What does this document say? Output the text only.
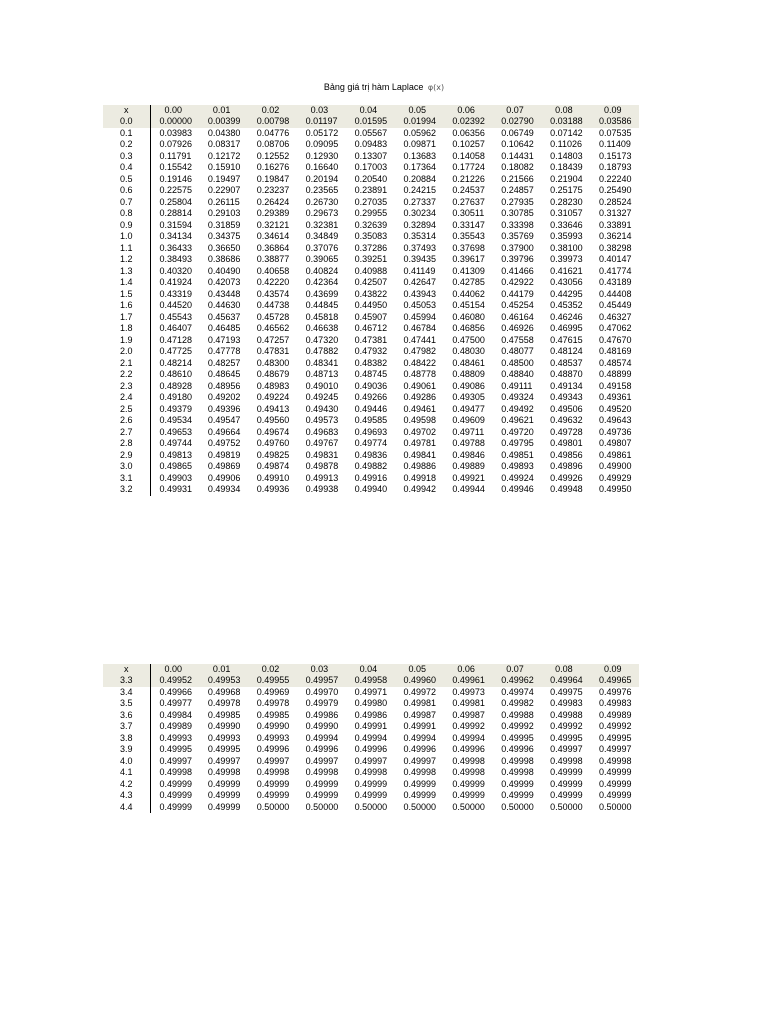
Bảng giá trị hàm Laplace φ(x)
x	0.00	0.01	0.02	0.03	0.04	0.05	0.06	0.07	0.08	0.09
0.0	0.00000	0.00399	0.00798	0.01197	0.01595	0.01994	0.02392	0.02790	0.03188	0.03586
0.1	0.03983	0.04380	0.04776	0.05172	0.05567	0.05962	0.06356	0.06749	0.07142	0.07535
0.2	0.07926	0.08317	0.08706	0.09095	0.09483	0.09871	0.10257	0.10642	0.11026	0.11409
0.3	0.11791	0.12172	0.12552	0.12930	0.13307	0.13683	0.14058	0.14431	0.14803	0.15173
0.4	0.15542	0.15910	0.16276	0.16640	0.17003	0.17364	0.17724	0.18082	0.18439	0.18793
0.5	0.19146	0.19497	0.19847	0.20194	0.20540	0.20884	0.21226	0.21566	0.21904	0.22240
0.6	0.22575	0.22907	0.23237	0.23565	0.23891	0.24215	0.24537	0.24857	0.25175	0.25490
0.7	0.25804	0.26115	0.26424	0.26730	0.27035	0.27337	0.27637	0.27935	0.28230	0.28524
0.8	0.28814	0.29103	0.29389	0.29673	0.29955	0.30234	0.30511	0.30785	0.31057	0.31327
0.9	0.31594	0.31859	0.32121	0.32381	0.32639	0.32894	0.33147	0.33398	0.33646	0.33891
1.0	0.34134	0.34375	0.34614	0.34849	0.35083	0.35314	0.35543	0.35769	0.35993	0.36214
1.1	0.36433	0.36650	0.36864	0.37076	0.37286	0.37493	0.37698	0.37900	0.38100	0.38298
1.2	0.38493	0.38686	0.38877	0.39065	0.39251	0.39435	0.39617	0.39796	0.39973	0.40147
1.3	0.40320	0.40490	0.40658	0.40824	0.40988	0.41149	0.41309	0.41466	0.41621	0.41774
1.4	0.41924	0.42073	0.42220	0.42364	0.42507	0.42647	0.42785	0.42922	0.43056	0.43189
1.5	0.43319	0.43448	0.43574	0.43699	0.43822	0.43943	0.44062	0.44179	0.44295	0.44408
1.6	0.44520	0.44630	0.44738	0.44845	0.44950	0.45053	0.45154	0.45254	0.45352	0.45449
1.7	0.45543	0.45637	0.45728	0.45818	0.45907	0.45994	0.46080	0.46164	0.46246	0.46327
1.8	0.46407	0.46485	0.46562	0.46638	0.46712	0.46784	0.46856	0.46926	0.46995	0.47062
1.9	0.47128	0.47193	0.47257	0.47320	0.47381	0.47441	0.47500	0.47558	0.47615	0.47670
2.0	0.47725	0.47778	0.47831	0.47882	0.47932	0.47982	0.48030	0.48077	0.48124	0.48169
2.1	0.48214	0.48257	0.48300	0.48341	0.48382	0.48422	0.48461	0.48500	0.48537	0.48574
2.2	0.48610	0.48645	0.48679	0.48713	0.48745	0.48778	0.48809	0.48840	0.48870	0.48899
2.3	0.48928	0.48956	0.48983	0.49010	0.49036	0.49061	0.49086	0.49111	0.49134	0.49158
2.4	0.49180	0.49202	0.49224	0.49245	0.49266	0.49286	0.49305	0.49324	0.49343	0.49361
2.5	0.49379	0.49396	0.49413	0.49430	0.49446	0.49461	0.49477	0.49492	0.49506	0.49520
2.6	0.49534	0.49547	0.49560	0.49573	0.49585	0.49598	0.49609	0.49621	0.49632	0.49643
2.7	0.49653	0.49664	0.49674	0.49683	0.49693	0.49702	0.49711	0.49720	0.49728	0.49736
2.8	0.49744	0.49752	0.49760	0.49767	0.49774	0.49781	0.49788	0.49795	0.49801	0.49807
2.9	0.49813	0.49819	0.49825	0.49831	0.49836	0.49841	0.49846	0.49851	0.49856	0.49861
3.0	0.49865	0.49869	0.49874	0.49878	0.49882	0.49886	0.49889	0.49893	0.49896	0.49900
3.1	0.49903	0.49906	0.49910	0.49913	0.49916	0.49918	0.49921	0.49924	0.49926	0.49929
3.2	0.49931	0.49934	0.49936	0.49938	0.49940	0.49942	0.49944	0.49946	0.49948	0.49950
x	0.00	0.01	0.02	0.03	0.04	0.05	0.06	0.07	0.08	0.09
3.3	0.49952	0.49953	0.49955	0.49957	0.49958	0.49960	0.49961	0.49962	0.49964	0.49965
3.4	0.49966	0.49968	0.49969	0.49970	0.49971	0.49972	0.49973	0.49974	0.49975	0.49976
3.5	0.49977	0.49978	0.49978	0.49979	0.49980	0.49981	0.49981	0.49982	0.49983	0.49983
3.6	0.49984	0.49985	0.49985	0.49986	0.49986	0.49987	0.49987	0.49988	0.49988	0.49989
3.7	0.49989	0.49990	0.49990	0.49990	0.49991	0.49991	0.49992	0.49992	0.49992	0.49992
3.8	0.49993	0.49993	0.49993	0.49994	0.49994	0.49994	0.49994	0.49995	0.49995	0.49995
3.9	0.49995	0.49995	0.49996	0.49996	0.49996	0.49996	0.49996	0.49996	0.49997	0.49997
4.0	0.49997	0.49997	0.49997	0.49997	0.49997	0.49997	0.49998	0.49998	0.49998	0.49998
4.1	0.49998	0.49998	0.49998	0.49998	0.49998	0.49998	0.49998	0.49998	0.49999	0.49999
4.2	0.49999	0.49999	0.49999	0.49999	0.49999	0.49999	0.49999	0.49999	0.49999	0.49999
4.3	0.49999	0.49999	0.49999	0.49999	0.49999	0.49999	0.49999	0.49999	0.49999	0.49999
4.4	0.49999	0.49999	0.50000	0.50000	0.50000	0.50000	0.50000	0.50000	0.50000	0.50000
